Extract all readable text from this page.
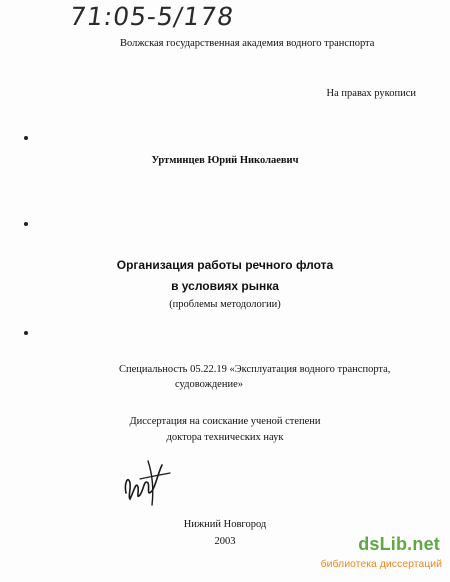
71:05-5/178
Волжская государственная академия водного транспорта
На правах рукописи
Уртминцев Юрий Николаевич
Организация работы речного флота
в условиях рынка
(проблемы методологии)
Специальность 05.22.19 «Эксплуатация водного транспорта,
судовождение»
Диссертация на соискание ученой степени
доктора технических наук
Нижний Новгород
2003	dsLib.net
библиотека диссертаций
